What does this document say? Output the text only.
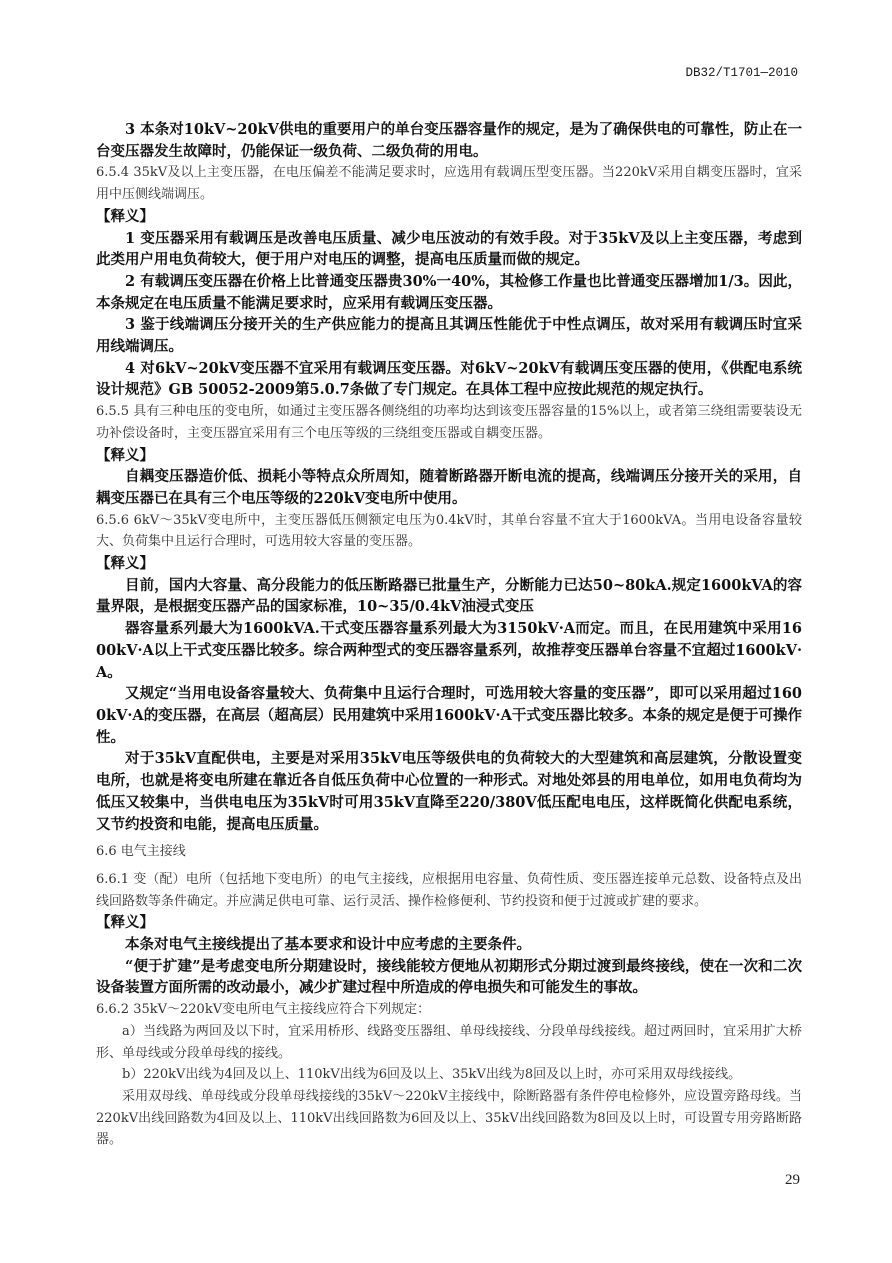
DB32/T1701—2010

3 本条对10kV~20kV供电的重要用户的单台变压器容量作的规定，是为了确保供电的可靠性，防止在一台变压器发生故障时，仍能保证一级负荷、二级负荷的用电。

6.5.4 35kV及以上主变压器，在电压偏差不能满足要求时，应选用有载调压型变压器。当220kV采用自耦变压器时，宜采用中压侧线端调压。

【释义】

1 变压器采用有载调压是改善电压质量、减少电压波动的有效手段。对于35kV及以上主变压器，考虑到此类用户用电负荷较大，便于用户对电压的调整，提高电压质量而做的规定。

2 有载调压变压器在价格上比普通变压器贵30%一40%，其检修工作量也比普通变压器增加1/3。因此，本条规定在电压质量不能满足要求时，应采用有载调压变压器。

3 鉴于线端调压分接开关的生产供应能力的提高且其调压性能优于中性点调压，故对采用有载调压时宜采用线端调压。

4 对6kV~20kV变压器不宜采用有载调压变压器。对6kV~20kV有载调压变压器的使用，《供配电系统设计规范》GB 50052-2009第5.0.7条做了专门规定。在具体工程中应按此规范的规定执行。

6.5.5 具有三种电压的变电所，如通过主变压器各侧绕组的功率均达到该变压器容量的15%以上，或者第三绕组需要装设无功补偿设备时，主变压器宜采用有三个电压等级的三绕组变压器或自耦变压器。

【释义】

自耦变压器造价低、损耗小等特点众所周知，随着断路器开断电流的提高，线端调压分接开关的采用，自耦变压器已在具有三个电压等级的220kV变电所中使用。

6.5.6 6kV～35kV变电所中，主变压器低压侧额定电压为0.4kV时，其单台容量不宜大于1600kVA。当用电设备容量较大、负荷集中且运行合理时，可选用较大容量的变压器。

【释义】

目前，国内大容量、高分段能力的低压断路器已批量生产，分断能力已达50~80kA.规定1600kVA的容量界限，是根据变压器产品的国家标准，10~35/0.4kV油浸式变压

器容量系列最大为1600kVA.干式变压器容量系列最大为3150kV·A而定。而且，在民用建筑中采用1600kV·A以上干式变压器比较多。综合两种型式的变压器容量系列，故推荐变压器单台容量不宜超过1600kV·A。

又规定“当用电设备容量较大、负荷集中且运行合理时，可选用较大容量的变压器”，即可以采用超过1600kV·A的变压器，在高层（超高层）民用建筑中采用1600kV·A干式变压器比较多。本条的规定是便于可操作性。

对于35kV直配供电，主要是对采用35kV电压等级供电的负荷较大的大型建筑和高层建筑，分散设置变电所，也就是将变电所建在靠近各自低压负荷中心位置的一种形式。对地处郊县的用电单位，如用电负荷均为低压又较集中，当供电电压为35kV时可用35kV直降至220/380V低压配电电压，这样既简化供配电系统，又节约投资和电能，提高电压质量。

6.6 电气主接线

6.6.1 变（配）电所（包括地下变电所）的电气主接线，应根据用电容量、负荷性质、变压器连接单元总数、设备特点及出线回路数等条件确定。并应满足供电可靠、运行灵活、操作检修便利、节约投资和便于过渡或扩建的要求。

【释义】

本条对电气主接线提出了基本要求和设计中应考虑的主要条件。

“便于扩建”是考虑变电所分期建设时，接线能较方便地从初期形式分期过渡到最终接线，使在一次和二次设备装置方面所需的改动最小，减少扩建过程中所造成的停电损失和可能发生的事故。

6.6.2 35kV～220kV变电所电气主接线应符合下列规定：

a）当线路为两回及以下时，宜采用桥形、线路变压器组、单母线接线、分段单母线接线。超过两回时，宜采用扩大桥形、单母线或分段单母线的接线。

b）220kV出线为4回及以上、110kV出线为6回及以上、35kV出线为8回及以上时，亦可采用双母线接线。

采用双母线、单母线或分段单母线接线的35kV～220kV主接线中，除断路器有条件停电检修外，应设置旁路母线。当220kV出线回路数为4回及以上、110kV出线回路数为6回及以上、35kV出线回路数为8回及以上时，可设置专用旁路断路器。

29
